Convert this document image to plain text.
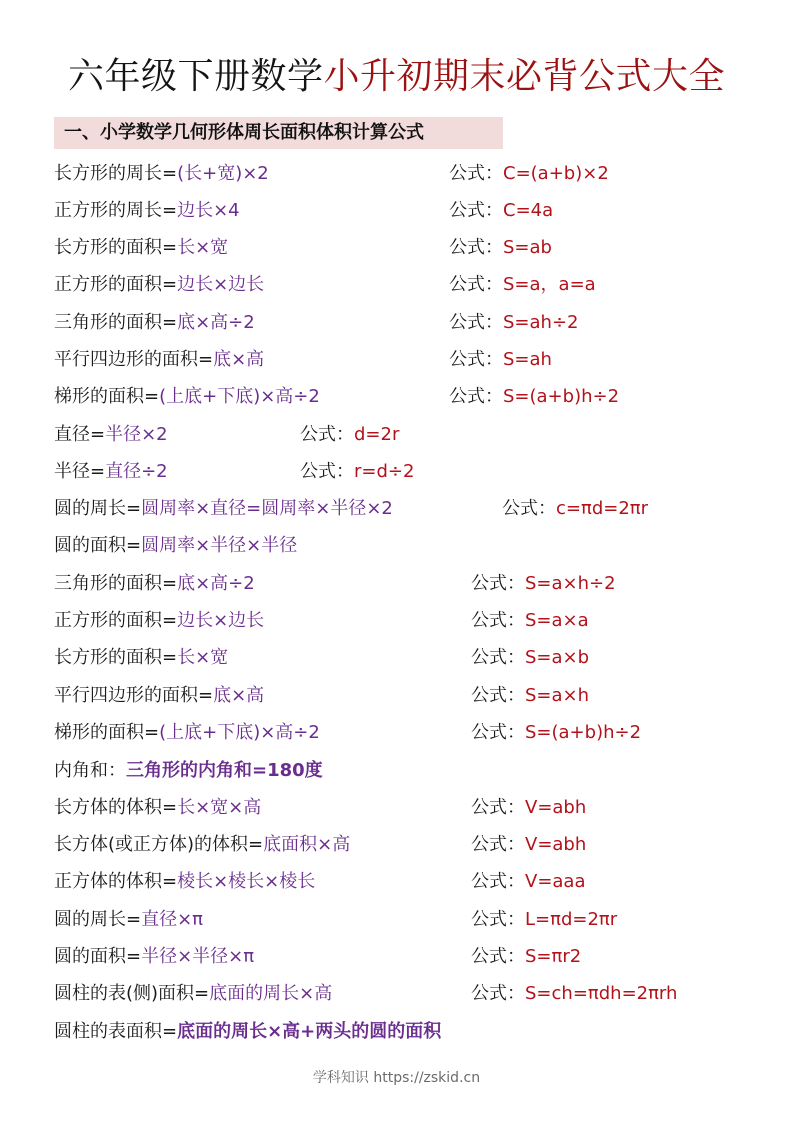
六年级下册数学小升初期末必背公式大全
一、小学数学几何形体周长面积体积计算公式
长方形的周长=(长+宽)×2	公式：C=(a+b)×2
正方形的周长=边长×4	公式：C=4a
长方形的面积=长×宽	公式：S=ab
正方形的面积=边长×边长	公式：S=a，a=a
三角形的面积=底×高÷2	公式：S=ah÷2
平行四边形的面积=底×高	公式：S=ah
梯形的面积=(上底+下底)×高÷2	公式：S=(a+b)h÷2
直径=半径×2	公式：d=2r
半径=直径÷2	公式：r=d÷2
圆的周长=圆周率×直径=圆周率×半径×2	公式：c=πd=2πr
圆的面积=圆周率×半径×半径
三角形的面积=底×高÷2	公式：S=a×h÷2
正方形的面积=边长×边长	公式：S=a×a
长方形的面积=长×宽	公式：S=a×b
平行四边形的面积=底×高	公式：S=a×h
梯形的面积=(上底+下底)×高÷2	公式：S=(a+b)h÷2
内角和：三角形的内角和=180度
长方体的体积=长×宽×高	公式：V=abh
长方体(或正方体)的体积=底面积×高	公式：V=abh
正方体的体积=棱长×棱长×棱长	公式：V=aaa
圆的周长=直径×π	公式：L=πd=2πr
圆的面积=半径×半径×π	公式：S=πr2
圆柱的表(侧)面积=底面的周长×高	公式：S=ch=πdh=2πrh
圆柱的表面积=底面的周长×高+两头的圆的面积
学科知识 https://zskid.cn
